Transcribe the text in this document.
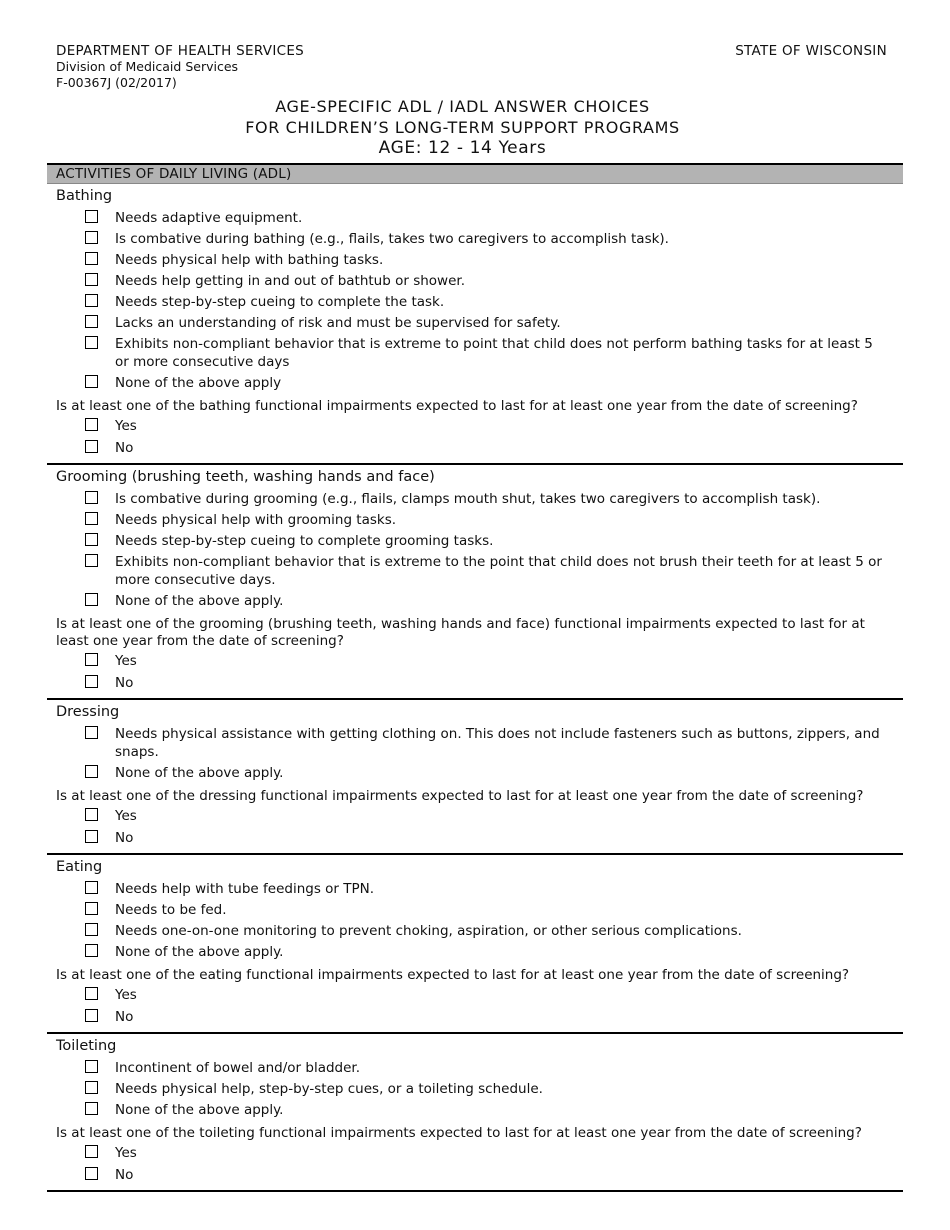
DEPARTMENT OF HEALTH SERVICES
Division of Medicaid Services
F-00367J (02/2017)
STATE OF WISCONSIN
AGE-SPECIFIC ADL / IADL ANSWER CHOICES
FOR CHILDREN’S LONG-TERM SUPPORT PROGRAMS
AGE: 12 - 14 Years
ACTIVITIES OF DAILY LIVING (ADL)
Bathing
Needs adaptive equipment.
Is combative during bathing (e.g., flails, takes two caregivers to accomplish task).
Needs physical help with bathing tasks.
Needs help getting in and out of bathtub or shower.
Needs step-by-step cueing to complete the task.
Lacks an understanding of risk and must be supervised for safety.
Exhibits non-compliant behavior that is extreme to point that child does not perform bathing tasks for at least 5 or more consecutive days
None of the above apply
Is at least one of the bathing functional impairments expected to last for at least one year from the date of screening?
Yes
No
Grooming (brushing teeth, washing hands and face)
Is combative during grooming (e.g., flails, clamps mouth shut, takes two caregivers to accomplish task).
Needs physical help with grooming tasks.
Needs step-by-step cueing to complete grooming tasks.
Exhibits non-compliant behavior that is extreme to the point that child does not brush their teeth for at least 5 or more consecutive days.
None of the above apply.
Is at least one of the grooming (brushing teeth, washing hands and face) functional impairments expected to last for at least one year from the date of screening?
Yes
No
Dressing
Needs physical assistance with getting clothing on. This does not include fasteners such as buttons, zippers, and snaps.
None of the above apply.
Is at least one of the dressing functional impairments expected to last for at least one year from the date of screening?
Yes
No
Eating
Needs help with tube feedings or TPN.
Needs to be fed.
Needs one-on-one monitoring to prevent choking, aspiration, or other serious complications.
None of the above apply.
Is at least one of the eating functional impairments expected to last for at least one year from the date of screening?
Yes
No
Toileting
Incontinent of bowel and/or bladder.
Needs physical help, step-by-step cues, or a toileting schedule.
None of the above apply.
Is at least one of the toileting functional impairments expected to last for at least one year from the date of screening?
Yes
No
